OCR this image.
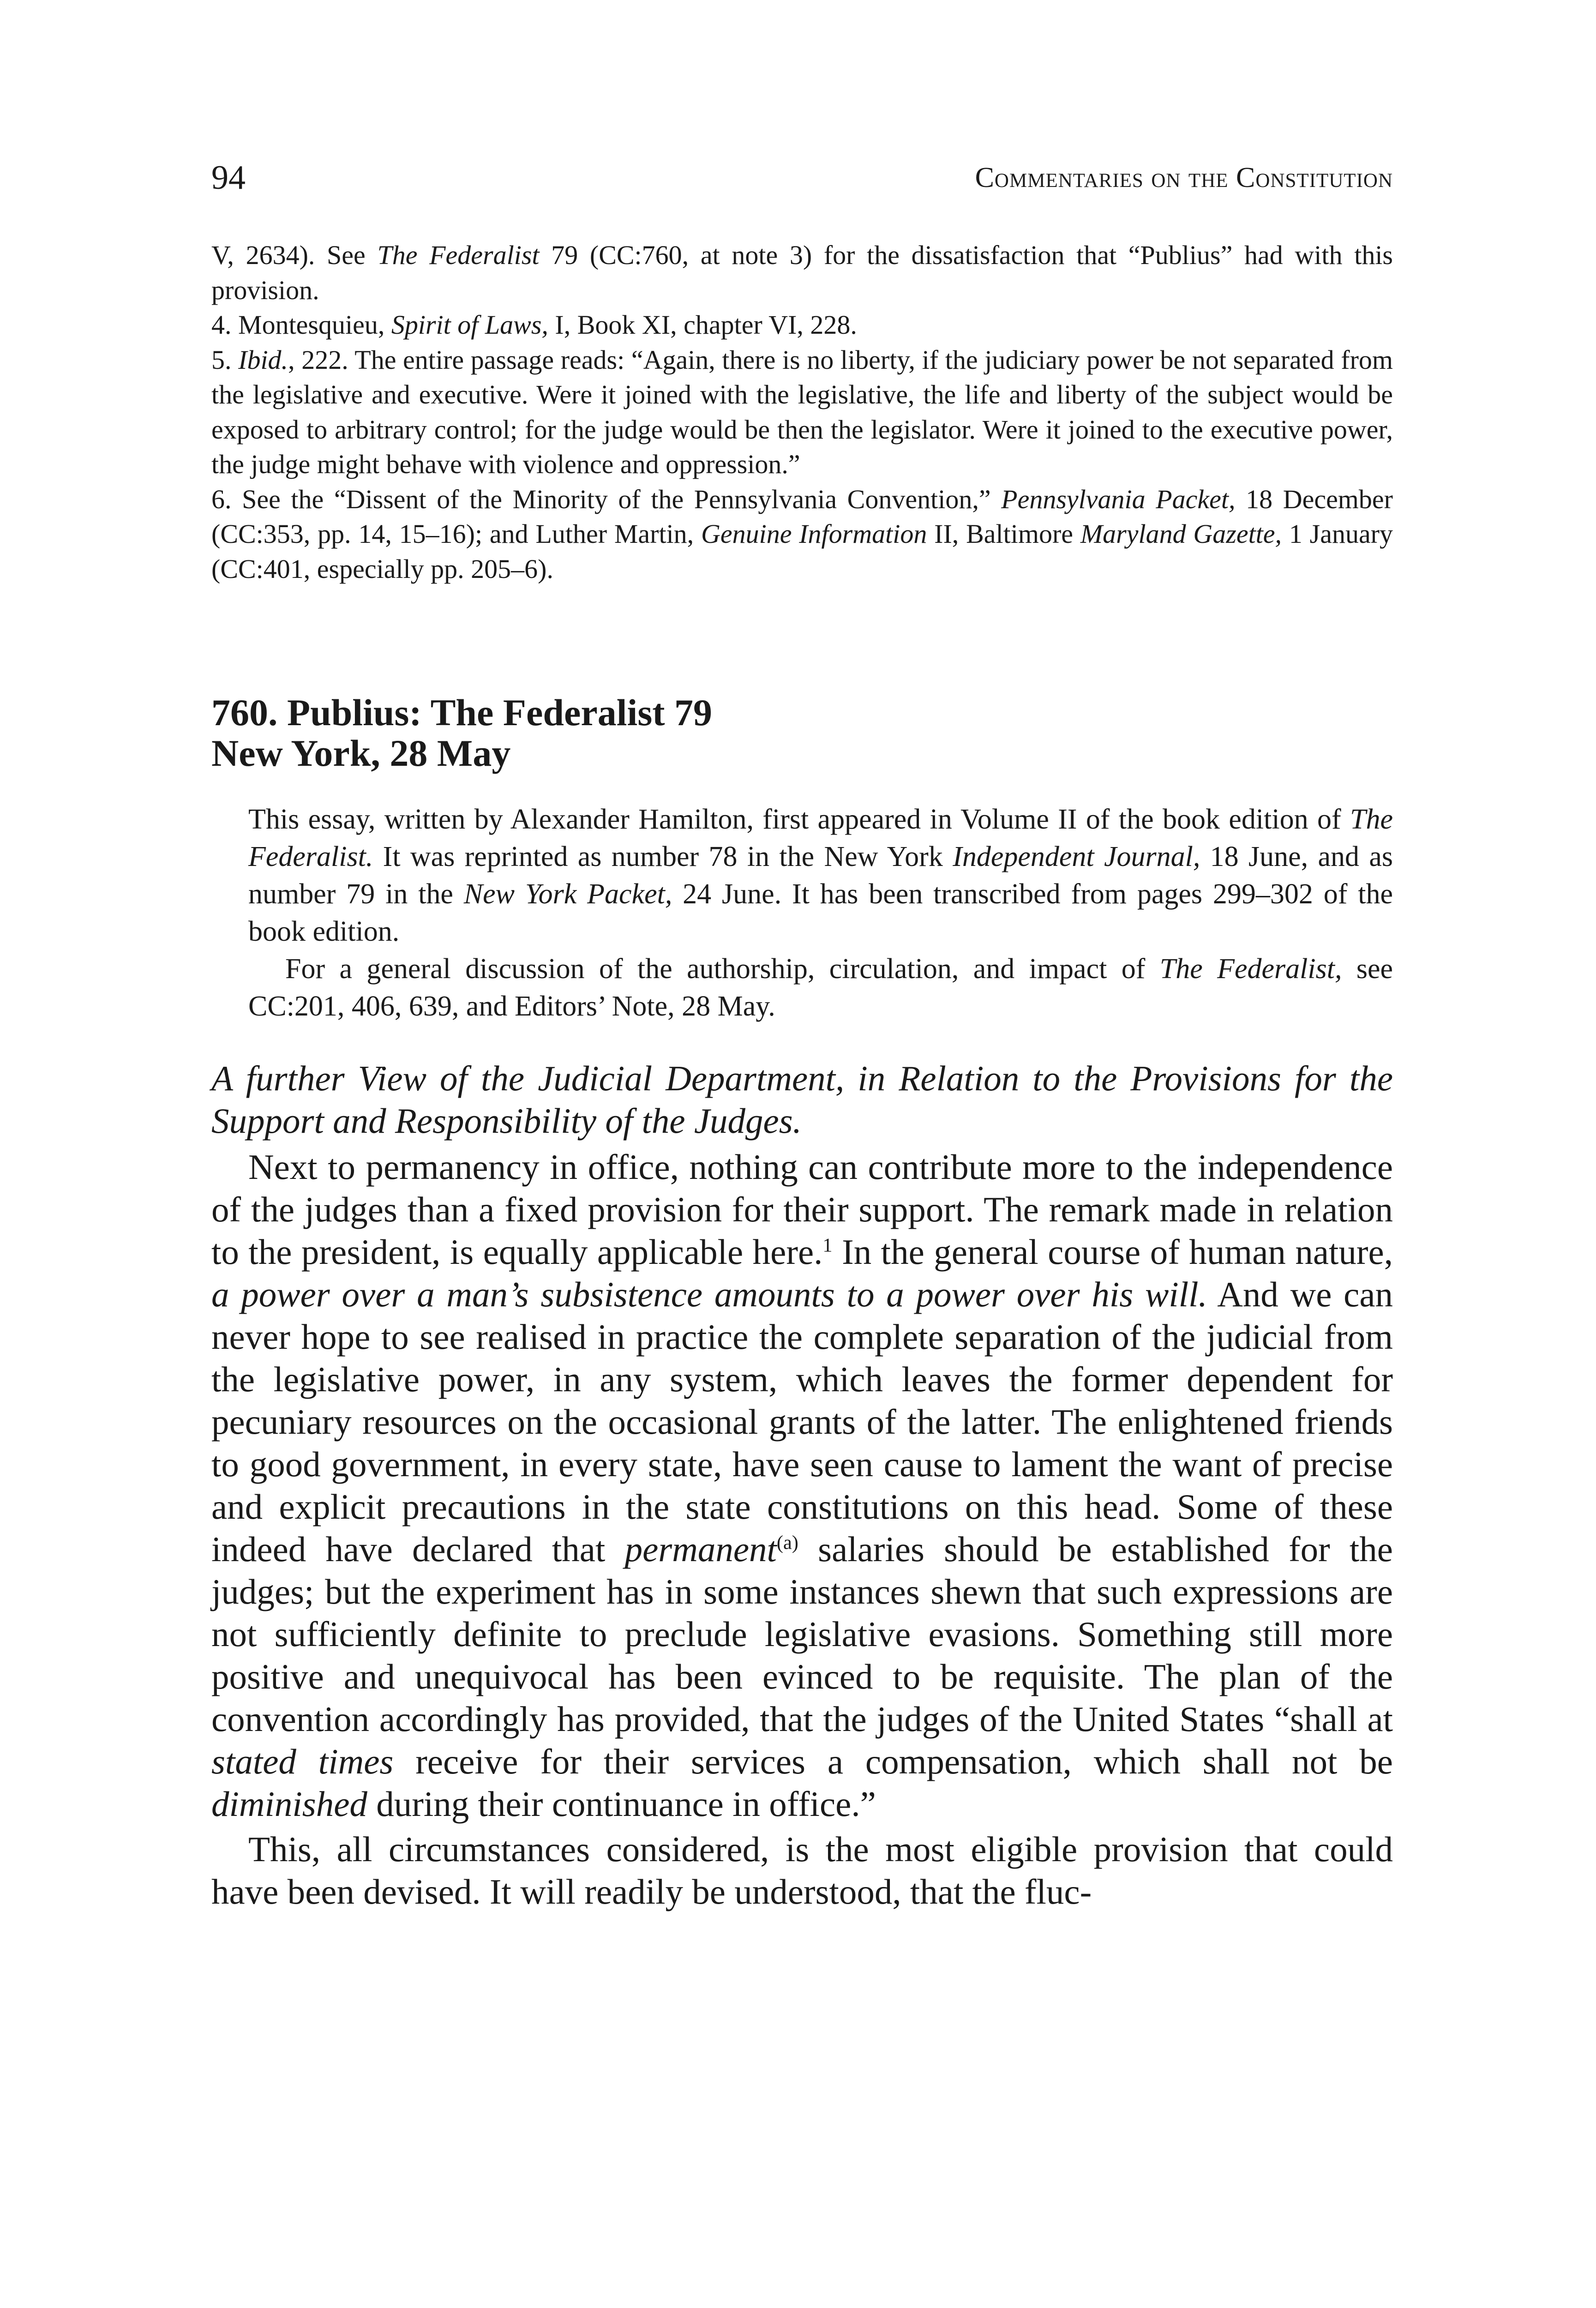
94	Commentaries on the Constitution

V, 2634). See The Federalist 79 (CC:760, at note 3) for the dissatisfaction that “Publius” had with this provision.

4. Montesquieu, Spirit of Laws, I, Book XI, chapter VI, 228.

5. Ibid., 222. The entire passage reads: “Again, there is no liberty, if the judiciary power be not separated from the legislative and executive. Were it joined with the legislative, the life and liberty of the subject would be exposed to arbitrary control; for the judge would be then the legislator. Were it joined to the executive power, the judge might behave with violence and oppression.”

6. See the “Dissent of the Minority of the Pennsylvania Convention,” Pennsylvania Packet, 18 December (CC:353, pp. 14, 15–16); and Luther Martin, Genuine Information II, Baltimore Maryland Gazette, 1 January (CC:401, especially pp. 205–6).

760. Publius: The Federalist 79
New York, 28 May

This essay, written by Alexander Hamilton, first appeared in Volume II of the book edition of The Federalist. It was reprinted as number 78 in the New York Independent Journal, 18 June, and as number 79 in the New York Packet, 24 June. It has been transcribed from pages 299–302 of the book edition.

For a general discussion of the authorship, circulation, and impact of The Federalist, see CC:201, 406, 639, and Editors’ Note, 28 May.

A further View of the Judicial Department, in Relation to the Provisions for the Support and Responsibility of the Judges.

Next to permanency in office, nothing can contribute more to the independence of the judges than a fixed provision for their support. The remark made in relation to the president, is equally applicable here.$^1$ In the general course of human nature, a power over a man’s subsistence amounts to a power over his will. And we can never hope to see realised in practice the complete separation of the judicial from the legislative power, in any system, which leaves the former dependent for pecuniary resources on the occasional grants of the latter. The enlightened friends to good government, in every state, have seen cause to lament the want of precise and explicit precautions in the state constitutions on this head. Some of these indeed have declared that permanent$^{(a)}$ salaries should be established for the judges; but the experiment has in some instances shewn that such expressions are not sufficiently definite to preclude legislative evasions. Something still more positive and unequivocal has been evinced to be requisite. The plan of the convention accordingly has provided, that the judges of the United States “shall at stated times receive for their services a compensation, which shall not be diminished during their continuance in office.”

This, all circumstances considered, is the most eligible provision that could have been devised. It will readily be understood, that the fluc-
